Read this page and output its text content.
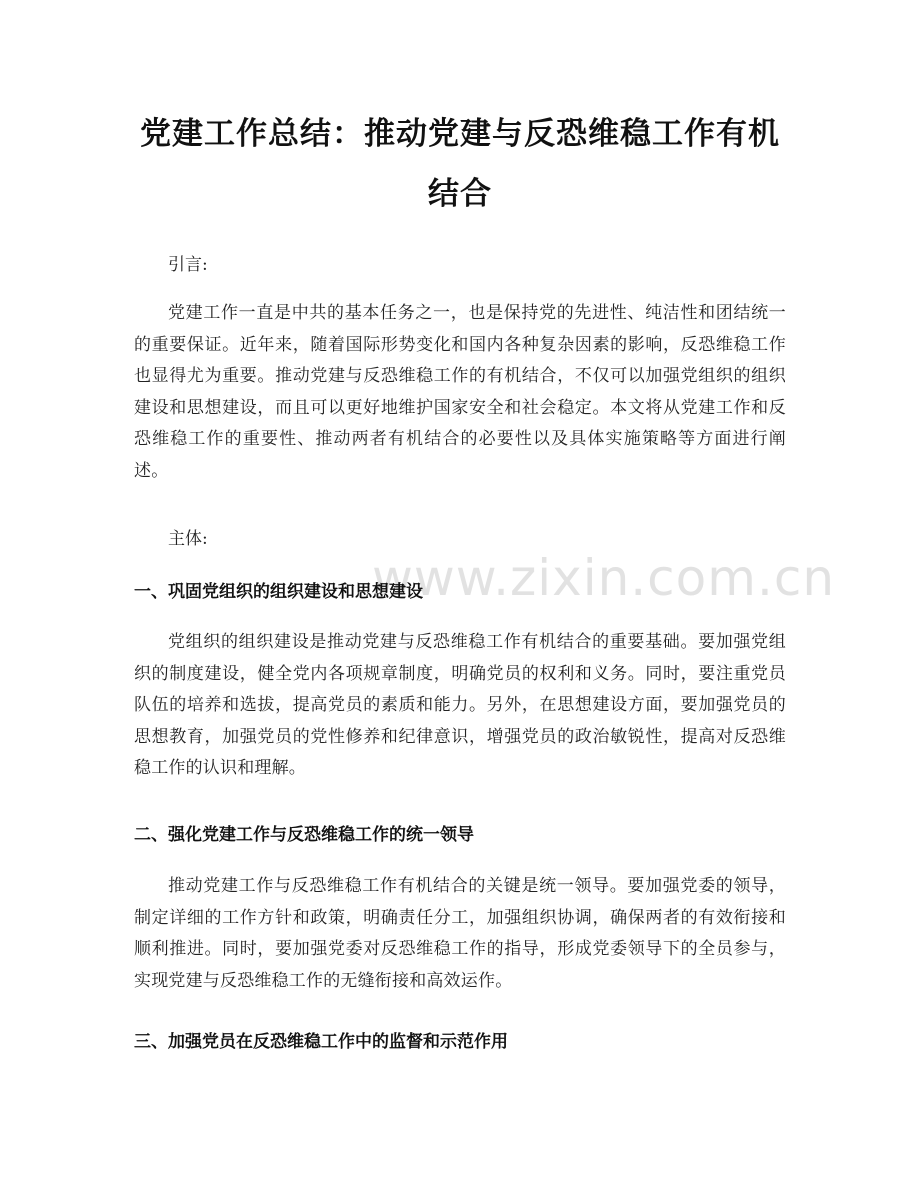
www.zixin.com.cn
党建工作总结：推动党建与反恐维稳工作有机结合

引言:

党建工作一直是中共的基本任务之一，也是保持党的先进性、纯洁性和团结统一的重要保证。近年来，随着国际形势变化和国内各种复杂因素的影响，反恐维稳工作也显得尤为重要。推动党建与反恐维稳工作的有机结合，不仅可以加强党组织的组织建设和思想建设，而且可以更好地维护国家安全和社会稳定。本文将从党建工作和反恐维稳工作的重要性、推动两者有机结合的必要性以及具体实施策略等方面进行阐述。

主体:

一、巩固党组织的组织建设和思想建设

党组织的组织建设是推动党建与反恐维稳工作有机结合的重要基础。要加强党组织的制度建设，健全党内各项规章制度，明确党员的权利和义务。同时，要注重党员队伍的培养和选拔，提高党员的素质和能力。另外，在思想建设方面，要加强党员的思想教育，加强党员的党性修养和纪律意识，增强党员的政治敏锐性，提高对反恐维稳工作的认识和理解。

二、强化党建工作与反恐维稳工作的统一领导

推动党建工作与反恐维稳工作有机结合的关键是统一领导。要加强党委的领导，制定详细的工作方针和政策，明确责任分工，加强组织协调，确保两者的有效衔接和顺利推进。同时，要加强党委对反恐维稳工作的指导，形成党委领导下的全员参与，实现党建与反恐维稳工作的无缝衔接和高效运作。

三、加强党员在反恐维稳工作中的监督和示范作用
